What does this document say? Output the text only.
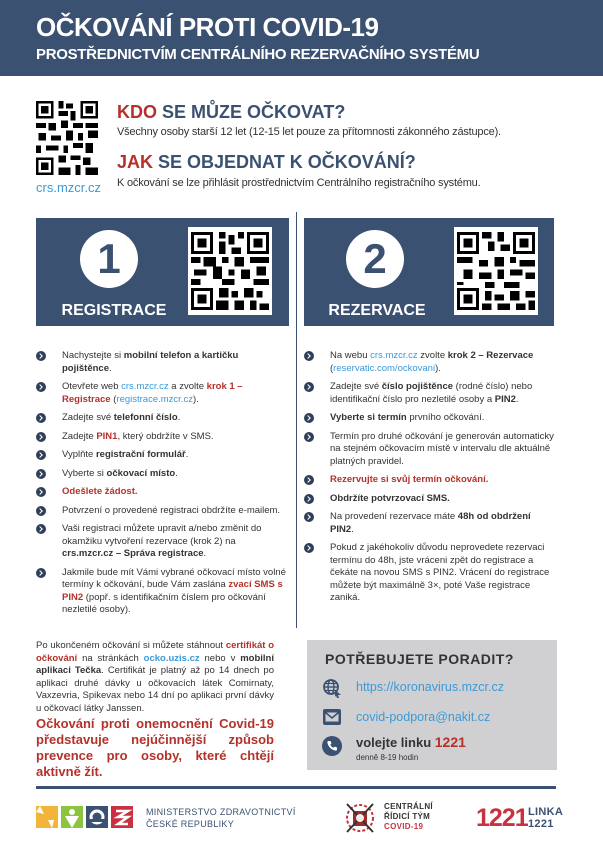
OČKOVÁNÍ PROTI COVID-19
PROSTŘEDNICTVÍM CENTRÁLNÍHO REZERVAČNÍHO SYSTÉMU
crs.mzcr.cz
KDO SE MŮZE OČKOVAT?
Všechny osoby starší 12 let (12-15 let pouze za přítomnosti zákonného zástupce).
JAK SE OBJEDNAT K OČKOVÁNÍ?
K očkování se lze přihlásit prostřednictvím Centrálního registračního systému.
1
REGISTRACE
2
REZERVACE
Nachystejte si mobilní telefon a kartičku pojištěnce.
Otevřete web crs.mzcr.cz a zvolte krok 1 – Registrace (registrace.mzcr.cz).
Zadejte své telefonní číslo.
Zadejte PIN1, který obdržíte v SMS.
Vyplňte registrační formulář.
Vyberte si očkovací místo.
Odešlete žádost.
Potvrzení o provedené registraci obdržíte e-mailem.
Vaši registraci můžete upravit a/nebo změnit do okamžiku vytvoření rezervace (krok 2) na crs.mzcr.cz – Správa registrace.
Jakmile bude mít Vámi vybrané očkovací místo volné termíny k očkování, bude Vám zaslána zvací SMS s PIN2 (popř. s identifikačním číslem pro očkování nezletilé osoby).
Na webu crs.mzcr.cz zvolte krok 2 – Rezervace (reservatic.com/ockovani).
Zadejte své číslo pojištěnce (rodné číslo) nebo identifikační číslo pro nezletilé osoby a PIN2.
Vyberte si termín prvního očkování.
Termín pro druhé očkování je generován automaticky na stejném očkovacím místě v intervalu dle aktuálně platných pravidel.
Rezervujte si svůj termín očkování.
Obdržíte potvrzovací SMS.
Na provedení rezervace máte 48h od obdržení PIN2.
Pokud z jakéhokoliv důvodu neprovedete rezervaci termínu do 48h, jste vráceni zpět do registrace a čekáte na novou SMS s PIN2. Vrácení do registrace můžete být maximálně 3×, poté Vaše registrace zaniká.
Po ukončeném očkování si můžete stáhnout certifikát o očkování na stránkách ocko.uzis.cz nebo v mobilní aplikaci Tečka. Certifikát je platný až po 14 dnech po aplikaci druhé dávky u očkovacích látek Comirnaty, Vaxzevria, Spikevax nebo 14 dní po aplikaci první dávky u očkovací látky Janssen.
Očkování proti onemocnění Covid-19 představuje nejúčinnější způsob prevence pro osoby, které chtějí aktivně žít.
POTŘEBUJETE PORADIT?
https://koronavirus.mzcr.cz
covid-podpora@nakit.cz
volejte linku 1221
denně 8-19 hodin
MINISTERSTVO ZDRAVOTNICTVÍ
ČESKÉ REPUBLIKY
CENTRÁLNÍ
ŘÍDICÍ TÝM
COVID-19	1221 LINKA
1221
